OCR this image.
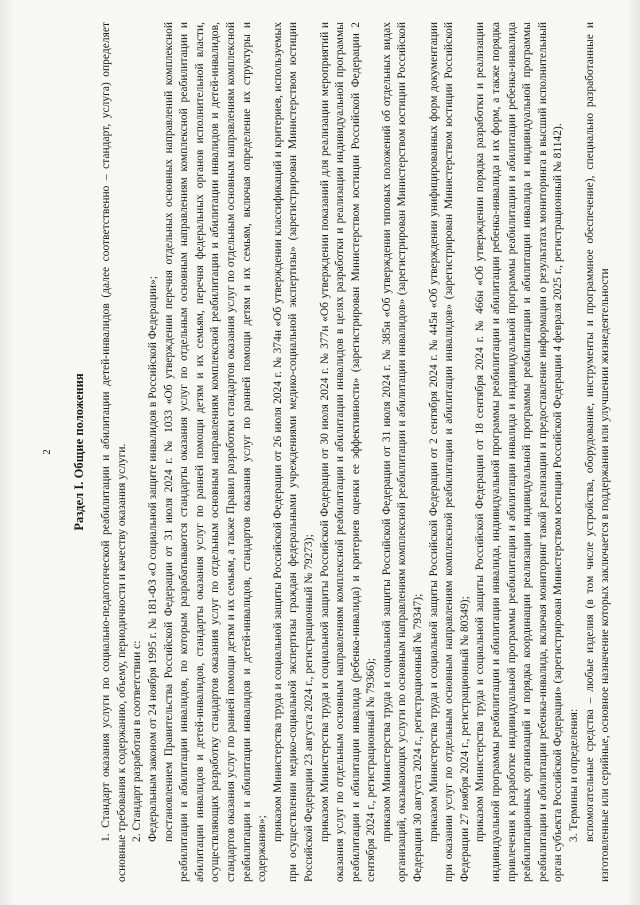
2 Раздел I. Общие положения 1. Стандарт оказания услуги по социально-педагогической реабилитации и абилитации детей-инвалидов (далее соответственно – стандарт, услуга) определяет основные требования к содержанию, объему, периодичности и качеству оказания услуги. 2. Стандарт разработан в соответствии с: Федеральным законом от 24 ноября 1995 г. № 181-ФЗ «О социальной защите инвалидов в Российской Федерации»; постановлением Правительства Российской Федерации от 31 июля 2024 г. № 1033 «Об утверждении перечня отдельных основных направлений комплексной реабилитации и абилитации инвалидов, по которым разрабатываются стандарты оказания услуг по отдельным основным направлениям комплексной реабилитации и абилитации инвалидов и детей-инвалидов, стандарты оказания услуг по ранней помощи детям и их семьям, перечня федеральных органов исполнительной власти, осуществляющих разработку стандартов оказания услуг по отдельным основным направлениям комплексной реабилитации и абилитации инвалидов и детей-инвалидов, стандартов оказания услуг по ранней помощи детям и их семьям, а также Правил разработки стандартов оказания услуг по отдельным основным направлениям комплексной реабилитации и абилитации инвалидов и детей-инвалидов, стандартов оказания услуг по ранней помощи детям и их семьям, включая определение их структуры и содержания»;

приказом Министерства труда и социальной защиты Российской Федерации от 26 июля 2024 г. № 374н «Об утверждении классификаций и критериев, используемых при осуществлении медико-социальной экспертизы граждан федеральными учреждениями медико-социальной экспертизы» (зарегистрирован Министерством юстиции Российской Федерации 23 августа 2024 г., регистрационный № 79273); приказом Министерства труда и социальной защиты Российской Федерации от 30 июля 2024 г. № 377н «Об утверждении показаний для реализации мероприятий и оказания услуг по отдельным основным направлениям комплексной реабилитации и абилитации инвалидов в целях разработки и реализации индивидуальной программы реабилитации и абилитации инвалида (ребенка-инвалида) и критериев оценки ее эффективности» (зарегистрирован Министерством юстиции Российской Федерации 2 сентября 2024 г., регистрационный № 79366); приказом Министерства труда и социальной защиты Российской Федерации от 31 июля 2024 г. № 385н «Об утверждении типовых положений об отдельных видах организаций, оказывающих услуги по основным направлениям комплексной реабилитации и абилитации инвалидов» (зарегистрирован Министерством юстиции Российской Федерации 30 августа 2024 г., регистрационный № 79347); приказом Министерства труда и социальной защиты Российской Федерации от 2 сентября 2024 г. № 445н «Об утверждении унифицированных форм документации при оказании услуг по отдельным основным направлениям комплексной реабилитации и абилитации инвалидов» (зарегистрирован Министерством юстиции Российской Федерации 27 ноября 2024 г., регистрационный № 80349); приказом Министерства труда и социальной защиты Российской Федерации от 18 сентября 2024 г. № 466н «Об утверждении порядка разработки и реализации индивидуальной программы реабилитации и абилитации инвалида, индивидуальной программы реабилитации и абилитации ребенка-инвалида и их форм, а также порядка привлечения к разработке индивидуальной программы реабилитации и абилитации инвалида и индивидуальной программы реабилитации и абилитации ребенка-инвалида реабилитационных организаций и порядка координации реализации индивидуальной программы реабилитации и абилитации инвалида и индивидуальной программы реабилитации и абилитации ребенка-инвалида, включая мониторинг такой реализации и предоставление информации о результатах мониторинга в высший исполнительный орган субъекта Российской Федерации» (зарегистрирован Министерством юстиции Российской Федерации 4 февраля 2025 г., регистрационный № 81142). 3. Термины и определения: вспомогательные средства – любые изделия (в том числе устройства, оборудование, инструменты и программное обеспечение), специально разработанные и изготовленные или серийные, основное назначение которых заключается в поддержании или улучшении жизнедеятельности
